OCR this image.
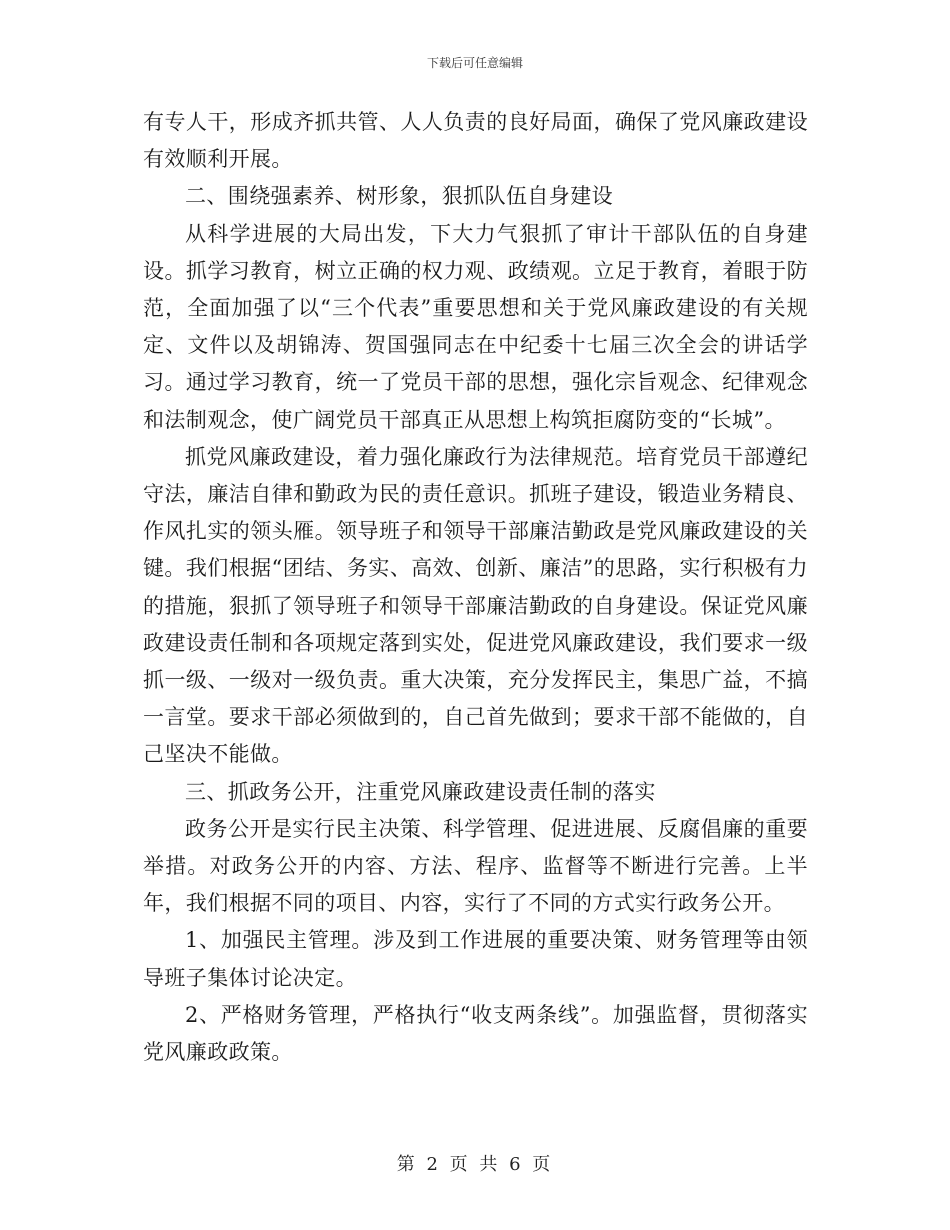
下载后可任意编辑

有专人干，形成齐抓共管、人人负责的良好局面，确保了党风廉政建设有效顺利开展。

二、围绕强素养、树形象，狠抓队伍自身建设

从科学进展的大局出发，下大力气狠抓了审计干部队伍的自身建设。抓学习教育，树立正确的权力观、政绩观。立足于教育，着眼于防范，全面加强了以“三个代表”重要思想和关于党风廉政建设的有关规定、文件以及胡锦涛、贺国强同志在中纪委十七届三次全会的讲话学习。通过学习教育，统一了党员干部的思想，强化宗旨观念、纪律观念和法制观念，使广阔党员干部真正从思想上构筑拒腐防变的“长城”。

抓党风廉政建设，着力强化廉政行为法律规范。培育党员干部遵纪守法，廉洁自律和勤政为民的责任意识。抓班子建设，锻造业务精良、作风扎实的领头雁。领导班子和领导干部廉洁勤政是党风廉政建设的关键。我们根据“团结、务实、高效、创新、廉洁”的思路，实行积极有力的措施，狠抓了领导班子和领导干部廉洁勤政的自身建设。保证党风廉政建设责任制和各项规定落到实处，促进党风廉政建设，我们要求一级抓一级、一级对一级负责。重大决策，充分发挥民主，集思广益，不搞一言堂。要求干部必须做到的，自己首先做到；要求干部不能做的，自己坚决不能做。

三、抓政务公开，注重党风廉政建设责任制的落实

政务公开是实行民主决策、科学管理、促进进展、反腐倡廉的重要举措。对政务公开的内容、方法、程序、监督等不断进行完善。上半年，我们根据不同的项目、内容，实行了不同的方式实行政务公开。

1、加强民主管理。涉及到工作进展的重要决策、财务管理等由领导班子集体讨论决定。

2、严格财务管理，严格执行“收支两条线”。加强监督，贯彻落实党风廉政政策。

第 2 页 共 6 页
